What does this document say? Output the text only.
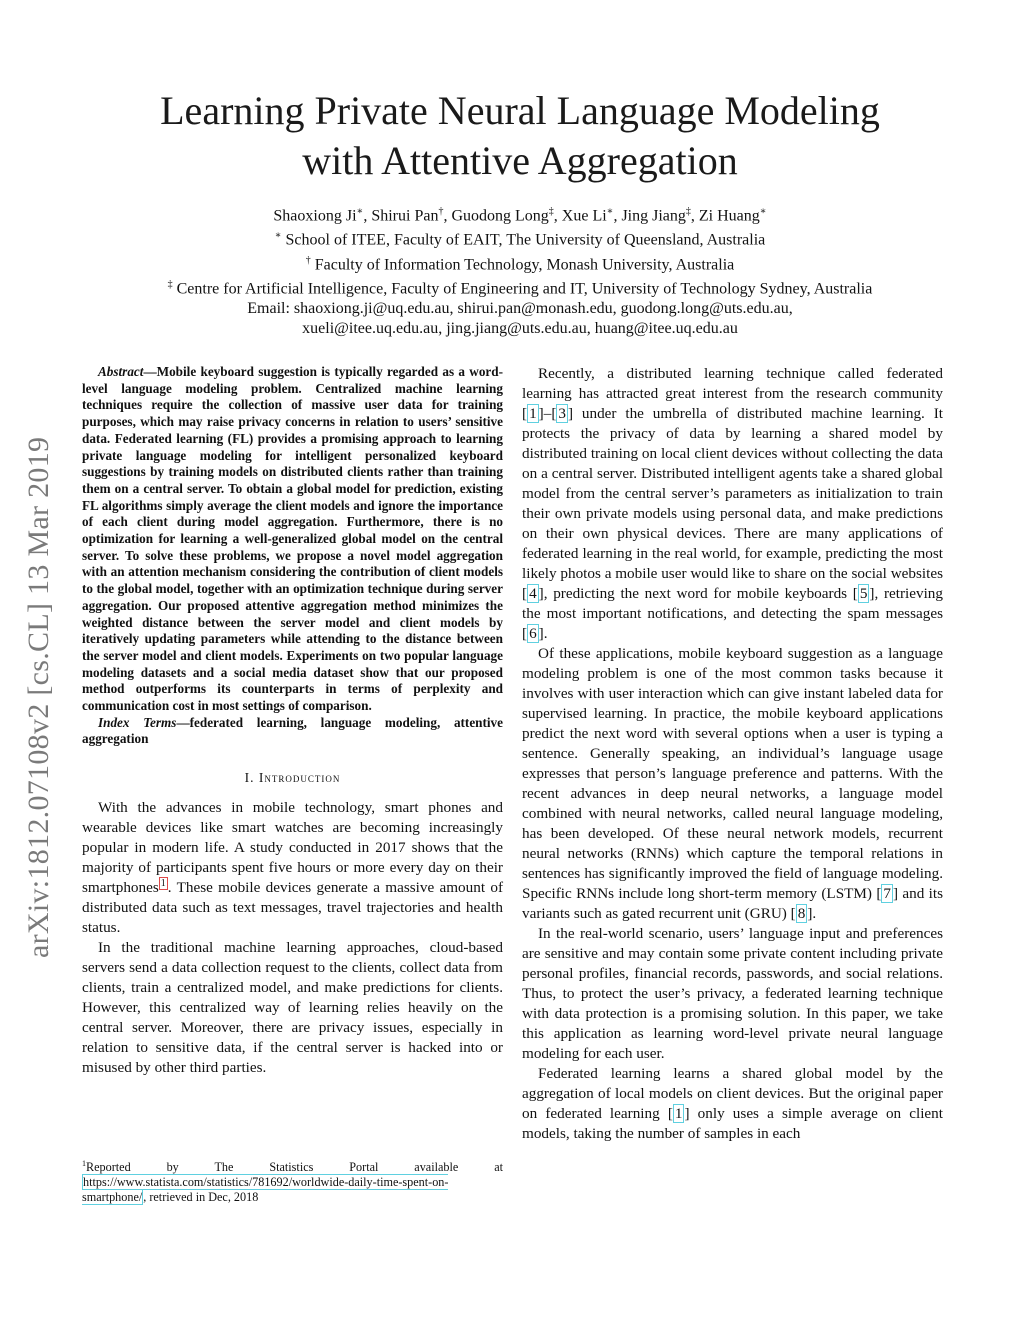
Learning Private Neural Language Modeling
with Attentive Aggregation
Shaoxiong Ji∗, Shirui Pan†, Guodong Long‡, Xue Li∗, Jing Jiang‡, Zi Huang∗
∗ School of ITEE, Faculty of EAIT, The University of Queensland, Australia
† Faculty of Information Technology, Monash University, Australia
‡ Centre for Artificial Intelligence, Faculty of Engineering and IT, University of Technology Sydney, Australia
Email: shaoxiong.ji@uq.edu.au, shirui.pan@monash.edu, guodong.long@uts.edu.au,
xueli@itee.uq.edu.au, jing.jiang@uts.edu.au, huang@itee.uq.edu.au
arXiv:1812.07108v2 [cs.CL] 13 Mar 2019

Abstract—Mobile keyboard suggestion is typically regarded as a word-level language modeling problem. Centralized machine learning techniques require the collection of massive user data for training purposes, which may raise privacy concerns in relation to users’ sensitive data. Federated learning (FL) provides a promising approach to learning private language modeling for intelligent personalized keyboard suggestions by training models on distributed clients rather than training them on a central server. To obtain a global model for prediction, existing FL algorithms simply average the client models and ignore the importance of each client during model aggregation. Furthermore, there is no optimization for learning a well-generalized global model on the central server. To solve these problems, we propose a novel model aggregation with an attention mechanism considering the contribution of client models to the global model, together with an optimization technique during server aggregation. Our proposed attentive aggregation method minimizes the weighted distance between the server model and client models by iteratively updating parameters while attending to the distance between the server model and client models. Experiments on two popular language modeling datasets and a social media dataset show that our proposed method outperforms its counterparts in terms of perplexity and communication cost in most settings of comparison.

Index Terms—federated learning, language modeling, attentive aggregation

I. Introduction

With the advances in mobile technology, smart phones and wearable devices like smart watches are becoming increasingly popular in modern life. A study conducted in 2017 shows that the majority of participants spent five hours or more every day on their smartphones $^1$ . These mobile devices generate a massive amount of distributed data such as text messages, travel trajectories and health status.

In the traditional machine learning approaches, cloud-based servers send a data collection request to the clients, collect data from clients, train a centralized model, and make predictions for clients. However, this centralized way of learning relies heavily on the central server. Moreover, there are privacy issues, especially in relation to sensitive data, if the central server is hacked into or misused by other third parties.

$^1$Reported by The Statistics Portal available at https://www.statista.com/statistics/781692/worldwide-daily-time-spent-on-smartphone/, retrieved in Dec, 2018

Recently, a distributed learning technique called federated learning has attracted great interest from the research community [ 1 ]–[ 3 ] under the umbrella of distributed machine learning. It protects the privacy of data by learning a shared model by distributed training on local client devices without collecting the data on a central server. Distributed intelligent agents take a shared global model from the central server’s parameters as initialization to train their own private models using personal data, and make predictions on their own physical devices. There are many applications of federated learning in the real world, for example, predicting the most likely photos a mobile user would like to share on the social websites [ 4 ], predicting the next word for mobile keyboards [ 5 ], retrieving the most important notifications, and detecting the spam messages [ 6 ].

Of these applications, mobile keyboard suggestion as a language modeling problem is one of the most common tasks because it involves with user interaction which can give instant labeled data for supervised learning. In practice, the mobile keyboard applications predict the next word with several options when a user is typing a sentence. Generally speaking, an individual’s language usage expresses that person’s language preference and patterns. With the recent advances in deep neural networks, a language model combined with neural networks, called neural language modeling, has been developed. Of these neural network models, recurrent neural networks (RNNs) which capture the temporal relations in sentences has significantly improved the field of language modeling. Specific RNNs include long short-term memory (LSTM) [ 7 ] and its variants such as gated recurrent unit (GRU) [ 8 ].

In the real-world scenario, users’ language input and preferences are sensitive and may contain some private content including private personal profiles, financial records, passwords, and social relations. Thus, to protect the user’s privacy, a federated learning technique with data protection is a promising solution. In this paper, we take this application as learning word-level private neural language modeling for each user.

Federated learning learns a shared global model by the aggregation of local models on client devices. But the original paper on federated learning [ 1 ] only uses a simple average on client models, taking the number of samples in each
